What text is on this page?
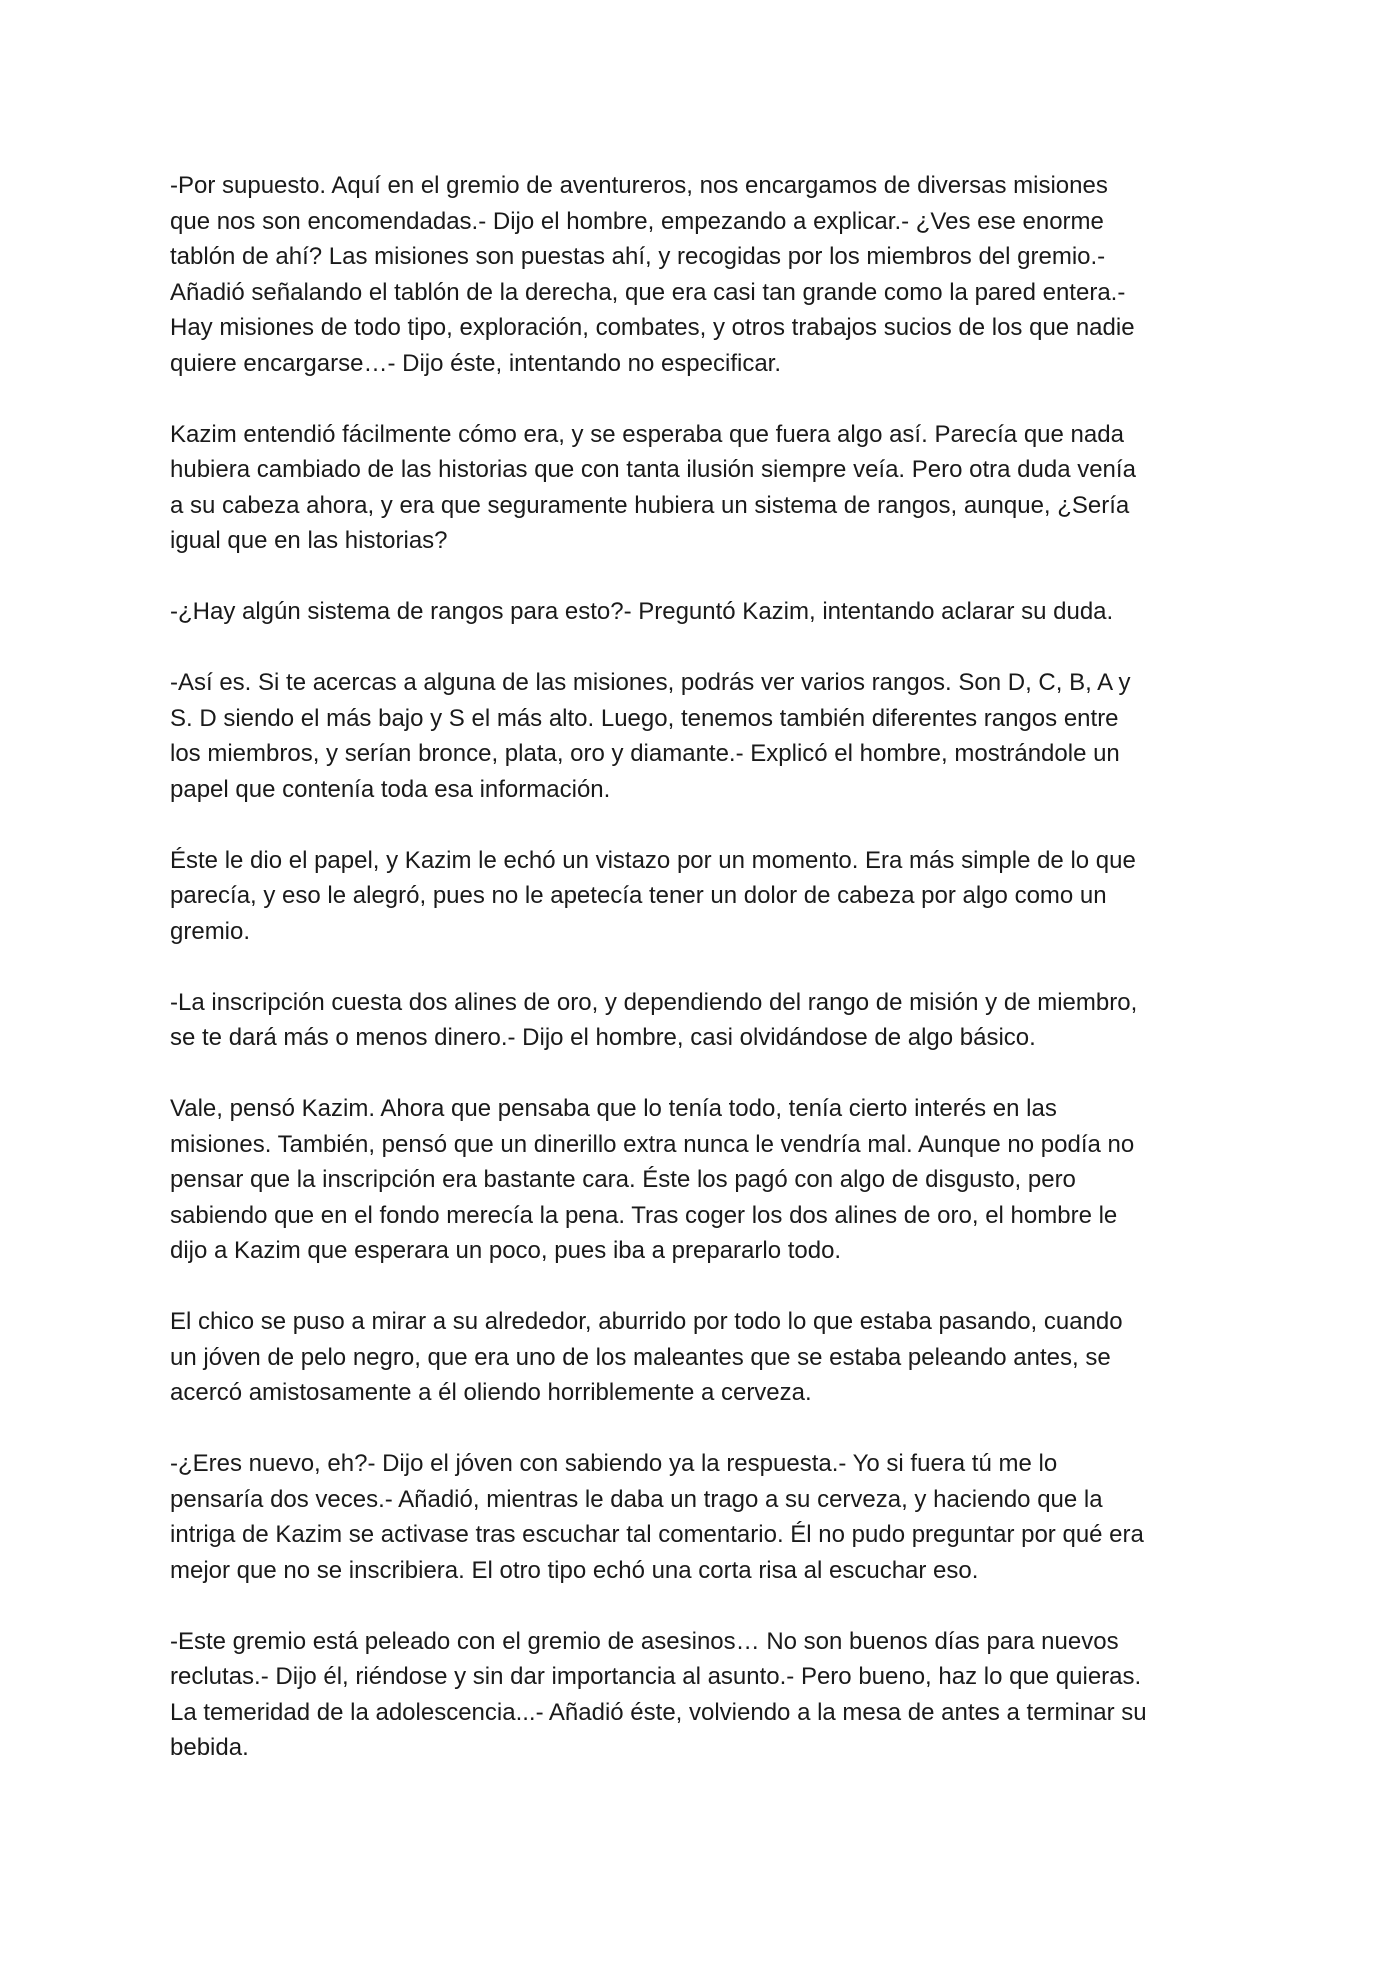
-Por supuesto. Aquí en el gremio de aventureros, nos encargamos de diversas misiones
que nos son encomendadas.- Dijo el hombre, empezando a explicar.- ¿Ves ese enorme
tablón de ahí? Las misiones son puestas ahí, y recogidas por los miembros del gremio.-
Añadió señalando el tablón de la derecha, que era casi tan grande como la pared entera.-
Hay misiones de todo tipo, exploración, combates, y otros trabajos sucios de los que nadie
quiere encargarse…- Dijo éste, intentando no especificar.

Kazim entendió fácilmente cómo era, y se esperaba que fuera algo así. Parecía que nada
hubiera cambiado de las historias que con tanta ilusión siempre veía. Pero otra duda venía
a su cabeza ahora, y era que seguramente hubiera un sistema de rangos, aunque, ¿Sería
igual que en las historias?

-¿Hay algún sistema de rangos para esto?- Preguntó Kazim, intentando aclarar su duda.

-Así es. Si te acercas a alguna de las misiones, podrás ver varios rangos. Son D, C, B, A y
S. D siendo el más bajo y S el más alto. Luego, tenemos también diferentes rangos entre
los miembros, y serían bronce, plata, oro y diamante.- Explicó el hombre, mostrándole un
papel que contenía toda esa información.

Éste le dio el papel, y Kazim le echó un vistazo por un momento. Era más simple de lo que
parecía, y eso le alegró, pues no le apetecía tener un dolor de cabeza por algo como un
gremio.

-La inscripción cuesta dos alines de oro, y dependiendo del rango de misión y de miembro,
se te dará más o menos dinero.- Dijo el hombre, casi olvidándose de algo básico.

Vale, pensó Kazim. Ahora que pensaba que lo tenía todo, tenía cierto interés en las
misiones. También, pensó que un dinerillo extra nunca le vendría mal. Aunque no podía no
pensar que la inscripción era bastante cara. Éste los pagó con algo de disgusto, pero
sabiendo que en el fondo merecía la pena. Tras coger los dos alines de oro, el hombre le
dijo a Kazim que esperara un poco, pues iba a prepararlo todo.

El chico se puso a mirar a su alrededor, aburrido por todo lo que estaba pasando, cuando
un jóven de pelo negro, que era uno de los maleantes que se estaba peleando antes, se
acercó amistosamente a él oliendo horriblemente a cerveza.

-¿Eres nuevo, eh?- Dijo el jóven con sabiendo ya la respuesta.- Yo si fuera tú me lo
pensaría dos veces.- Añadió, mientras le daba un trago a su cerveza, y haciendo que la
intriga de Kazim se activase tras escuchar tal comentario. Él no pudo preguntar por qué era
mejor que no se inscribiera. El otro tipo echó una corta risa al escuchar eso.

-Este gremio está peleado con el gremio de asesinos… No son buenos días para nuevos
reclutas.- Dijo él, riéndose y sin dar importancia al asunto.- Pero bueno, haz lo que quieras.
La temeridad de la adolescencia...- Añadió éste, volviendo a la mesa de antes a terminar su
bebida.
